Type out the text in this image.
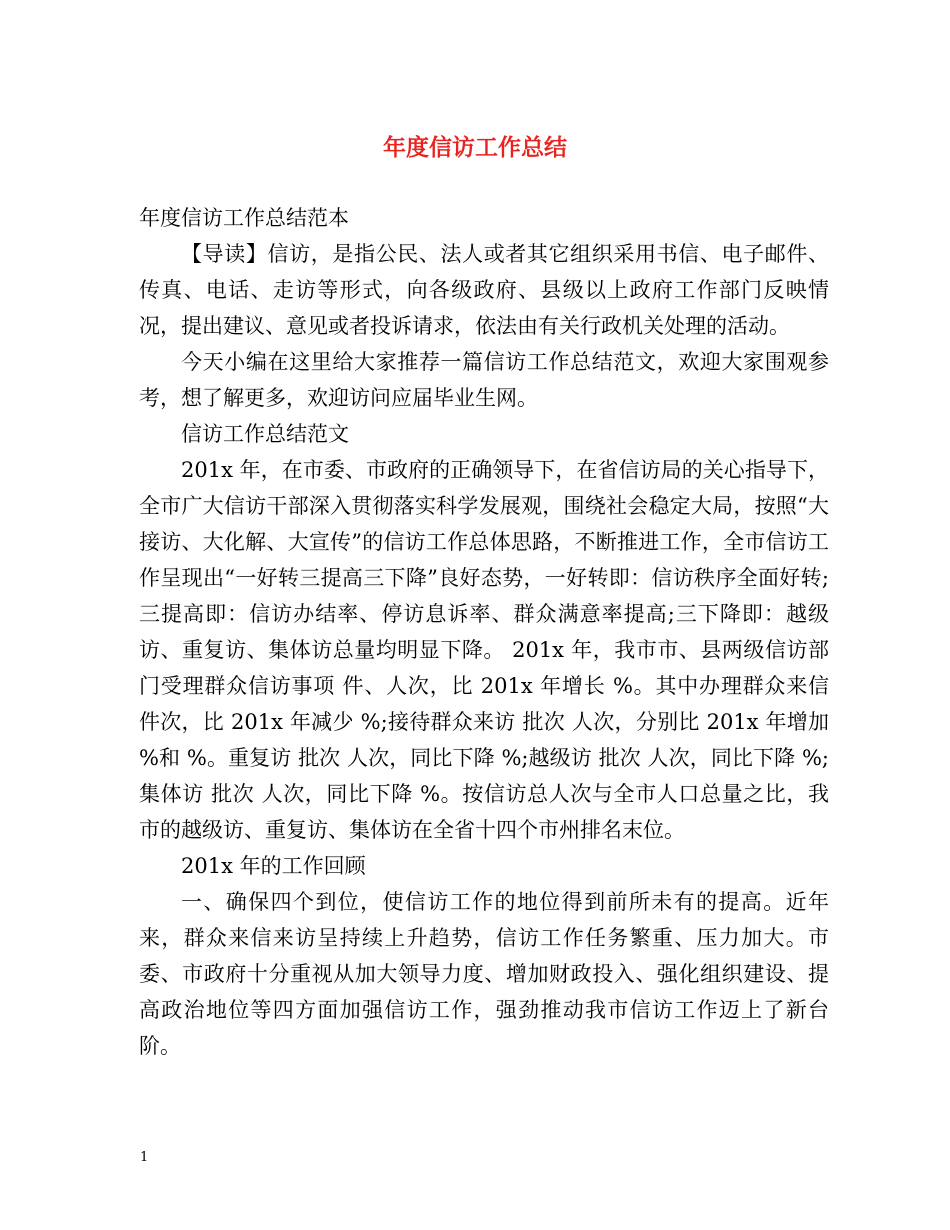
年度信访工作总结

年度信访工作总结范本

【导读】信访，是指公民、法人或者其它组织采用书信、电子邮件、传真、电话、走访等形式，向各级政府、县级以上政府工作部门反映情况，提出建议、意见或者投诉请求，依法由有关行政机关处理的活动。

今天小编在这里给大家推荐一篇信访工作总结范文，欢迎大家围观参考，想了解更多，欢迎访问应届毕业生网。

信访工作总结范文

201x 年，在市委、市政府的正确领导下，在省信访局的关心指导下，全市广大信访干部深入贯彻落实科学发展观，围绕社会稳定大局，按照“大接访、大化解、大宣传”的信访工作总体思路，不断推进工作，全市信访工作呈现出“一好转三提高三下降”良好态势，一好转即：信访秩序全面好转;三提高即：信访办结率、停访息诉率、群众满意率提高;三下降即：越级访、重复访、集体访总量均明显下降。 201x 年，我市市、县两级信访部门受理群众信访事项 件、人次，比 201x 年增长 %。其中办理群众来信 件次，比 201x 年减少 %;接待群众来访 批次 人次，分别比 201x 年增加 %和 %。重复访 批次 人次，同比下降 %;越级访 批次 人次，同比下降 %;集体访 批次 人次，同比下降 %。按信访总人次与全市人口总量之比，我市的越级访、重复访、集体访在全省十四个市州排名末位。

201x 年的工作回顾

一、确保四个到位，使信访工作的地位得到前所未有的提高。近年来，群众来信来访呈持续上升趋势，信访工作任务繁重、压力加大。市委、市政府十分重视从加大领导力度、增加财政投入、强化组织建设、提高政治地位等四方面加强信访工作，强劲推动我市信访工作迈上了新台阶。

1
